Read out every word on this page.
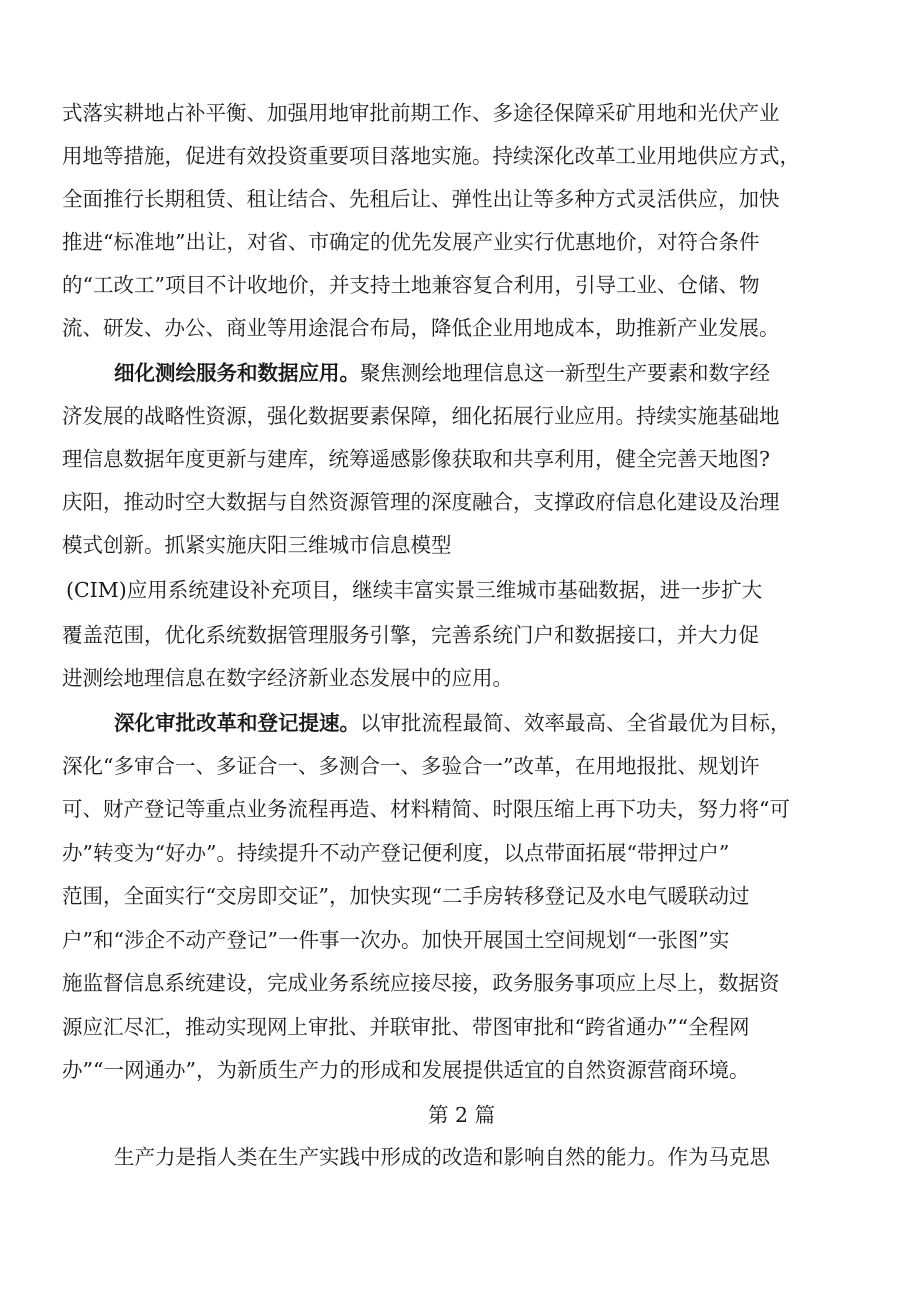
式落实耕地占补平衡、加强用地审批前期工作、多途径保障采矿用地和光伏产业
用地等措施，促进有效投资重要项目落地实施。持续深化改革工业用地供应方式，
全面推行长期租赁、租让结合、先租后让、弹性出让等多种方式灵活供应，加快
推进“标准地”出让，对省、市确定的优先发展产业实行优惠地价，对符合条件
的“工改工”项目不计收地价，并支持土地兼容复合利用，引导工业、仓储、物
流、研发、办公、商业等用途混合布局，降低企业用地成本，助推新产业发展。
细化测绘服务和数据应用。聚焦测绘地理信息这一新型生产要素和数字经
济发展的战略性资源，强化数据要素保障，细化拓展行业应用。持续实施基础地
理信息数据年度更新与建库，统筹遥感影像获取和共享利用，健全完善天地图?
庆阳，推动时空大数据与自然资源管理的深度融合，支撑政府信息化建设及治理
模式创新。抓紧实施庆阳三维城市信息模型
(CIM)应用系统建设补充项目，继续丰富实景三维城市基础数据，进一步扩大
覆盖范围，优化系统数据管理服务引擎，完善系统门户和数据接口，并大力促
进测绘地理信息在数字经济新业态发展中的应用。
深化审批改革和登记提速。以审批流程最简、效率最高、全省最优为目标，
深化“多审合一、多证合一、多测合一、多验合一”改革，在用地报批、规划许
可、财产登记等重点业务流程再造、材料精简、时限压缩上再下功夫，努力将“可
办”转变为“好办”。持续提升不动产登记便利度，以点带面拓展“带押过户”
范围，全面实行“交房即交证”，加快实现“二手房转移登记及水电气暖联动过
户”和“涉企不动产登记”一件事一次办。加快开展国土空间规划“一张图”实
施监督信息系统建设，完成业务系统应接尽接，政务服务事项应上尽上，数据资
源应汇尽汇，推动实现网上审批、并联审批、带图审批和“跨省通办”“全程网
办”“一网通办”，为新质生产力的形成和发展提供适宜的自然资源营商环境。
第 2 篇
生产力是指人类在生产实践中形成的改造和影响自然的能力。作为马克思
